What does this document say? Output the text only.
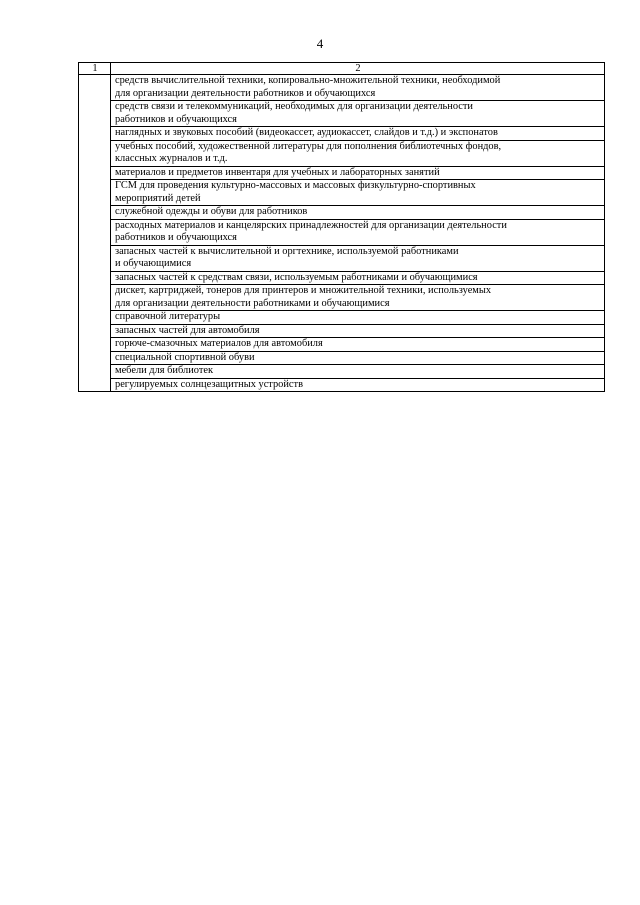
4
1	2
	средств вычислительной техники, копировально-множительной техники, необходимой
для организации деятельности работников и обучающихся
	средств связи и телекоммуникаций, необходимых для организации деятельности
работников и обучающихся
	наглядных и звуковых пособий (видеокассет, аудиокассет, слайдов и т.д.) и экспонатов
	учебных пособий, художественной литературы для пополнения библиотечных фондов,
классных журналов и т.д.
	материалов и предметов инвентаря для учебных и лабораторных занятий
	ГСМ для проведения культурно-массовых и массовых физкультурно-спортивных
мероприятий детей
	служебной одежды и обуви для работников
	расходных материалов и канцелярских принадлежностей для организации деятельности
работников и обучающихся
	запасных частей к вычислительной и оргтехнике, используемой работниками
и обучающимися
	запасных частей к средствам связи, используемым работниками и обучающимися
	дискет, картриджей, тонеров для принтеров и множительной техники, используемых
для организации деятельности работниками и обучающимися
	справочной литературы
	запасных частей для автомобиля
	горюче-смазочных материалов для автомобиля
	специальной спортивной обуви
	мебели для библиотек
	регулируемых солнцезащитных устройств
